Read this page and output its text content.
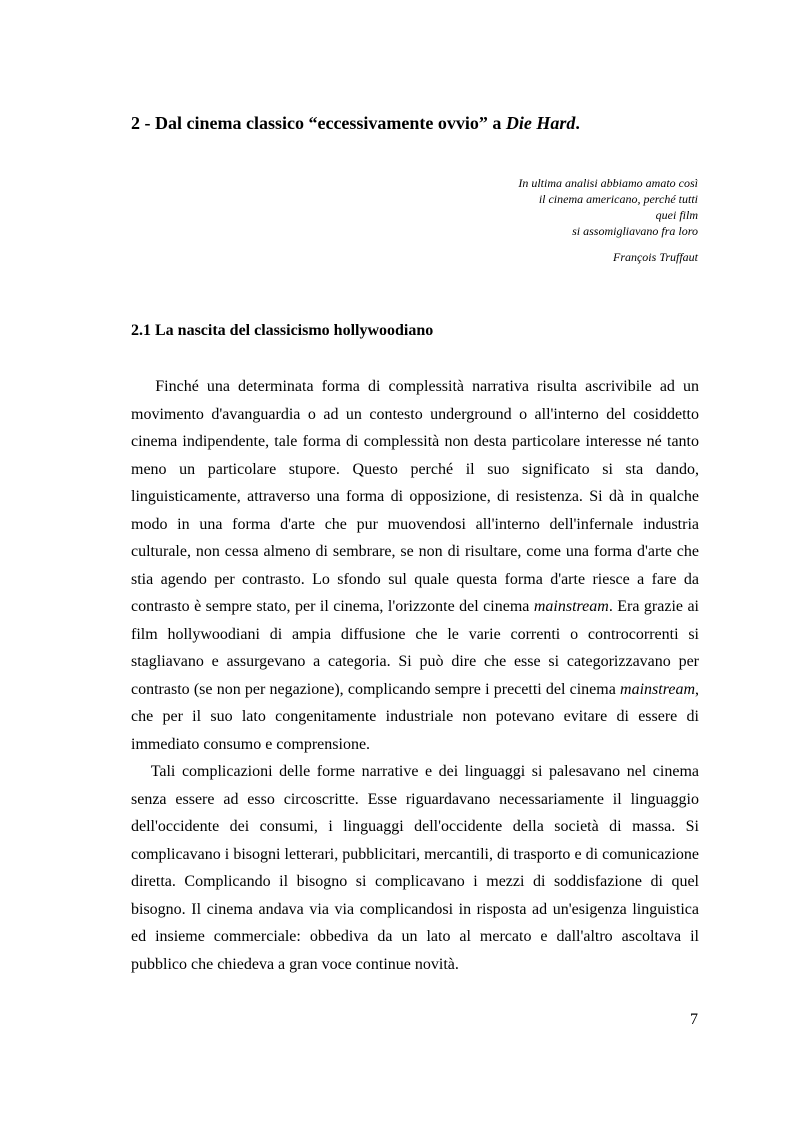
2 - Dal cinema classico “eccessivamente ovvio” a Die Hard.
In ultima analisi abbiamo amato così
il cinema americano, perché tutti
quei film
si assomigliavano fra loro
François Truffaut
2.1 La nascita del classicismo hollywoodiano

Finché una determinata forma di complessità narrativa risulta ascrivibile ad un movimento d'avanguardia o ad un contesto underground o all'interno del cosiddetto cinema indipendente, tale forma di complessità non desta particolare interesse né tanto meno un particolare stupore. Questo perché il suo significato si sta dando, linguisticamente, attraverso una forma di opposizione, di resistenza. Si dà in qualche modo in una forma d'arte che pur muovendosi all'interno dell'infernale industria culturale, non cessa almeno di sembrare, se non di risultare, come una forma d'arte che stia agendo per contrasto. Lo sfondo sul quale questa forma d'arte riesce a fare da contrasto è sempre stato, per il cinema, l'orizzonte del cinema mainstream. Era grazie ai film hollywoodiani di ampia diffusione che le varie correnti o controcorrenti si stagliavano e assurgevano a categoria. Si può dire che esse si categorizzavano per contrasto (se non per negazione), complicando sempre i precetti del cinema mainstream, che per il suo lato congenitamente industriale non potevano evitare di essere di immediato consumo e comprensione.

Tali complicazioni delle forme narrative e dei linguaggi si palesavano nel cinema senza essere ad esso circoscritte. Esse riguardavano necessariamente il linguaggio dell'occidente dei consumi, i linguaggi dell'occidente della società di massa. Si complicavano i bisogni letterari, pubblicitari, mercantili, di trasporto e di comunicazione diretta. Complicando il bisogno si complicavano i mezzi di soddisfazione di quel bisogno. Il cinema andava via via complicandosi in risposta ad un'esigenza linguistica ed insieme commerciale: obbediva da un lato al mercato e dall'altro ascoltava il pubblico che chiedeva a gran voce continue novità.

7
